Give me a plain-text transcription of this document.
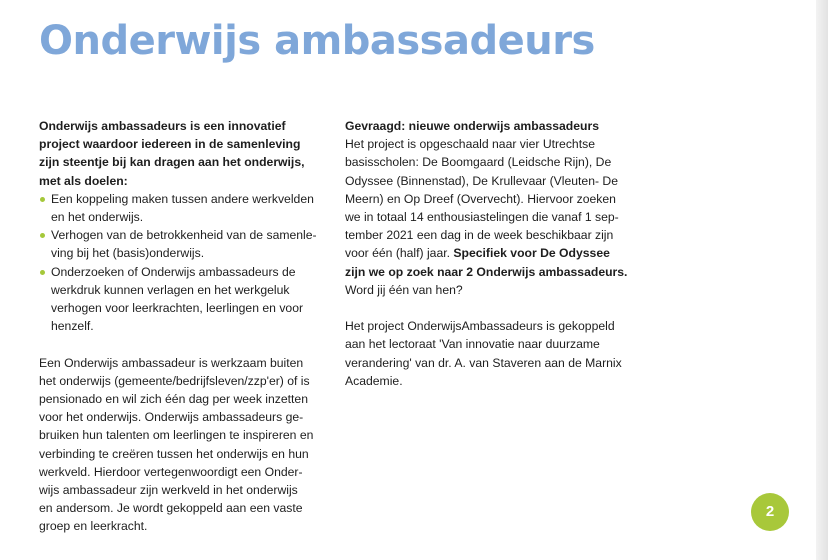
Onderwijs ambassadeurs
Onderwijs ambassadeurs is een innovatief
project waardoor iedereen in de samenleving
zijn steentje bij kan dragen aan het onderwijs,
met als doelen:
Een koppeling maken tussen andere werkvelden
en het onderwijs.
Verhogen van de betrokkenheid van de samenle-
ving bij het (basis)onderwijs.
Onderzoeken of Onderwijs ambassadeurs de
werkdruk kunnen verlagen en het werkgeluk
verhogen voor leerkrachten, leerlingen en voor
henzelf.
Een Onderwijs ambassadeur is werkzaam buiten
het onderwijs (gemeente/bedrijfsleven/zzp'er) of is
pensionado en wil zich één dag per week inzetten
voor het onderwijs. Onderwijs ambassadeurs ge-
bruiken hun talenten om leerlingen te inspireren en
verbinding te creëren tussen het onderwijs en hun
werkveld. Hierdoor vertegenwoordigt een Onder-
wijs ambassadeur zijn werkveld in het onderwijs
en andersom. Je wordt gekoppeld aan een vaste
groep en leerkracht.
Gevraagd: nieuwe onderwijs ambassadeurs
Het project is opgeschaald naar vier Utrechtse
basisscholen: De Boomgaard (Leidsche Rijn), De
Odyssee (Binnenstad), De Krullevaar (Vleuten- De
Meern) en Op Dreef (Overvecht). Hiervoor zoeken
we in totaal 14 enthousiastelingen die vanaf 1 sep-
tember 2021 een dag in de week beschikbaar zijn
voor één (half) jaar. Specifiek voor De Odyssee
zijn we op zoek naar 2 Onderwijs ambassadeurs.
Word jij één van hen?
Het project OnderwijsAmbassadeurs is gekoppeld
aan het lectoraat 'Van innovatie naar duurzame
verandering' van dr. A. van Staveren aan de Marnix
Academie.
2
